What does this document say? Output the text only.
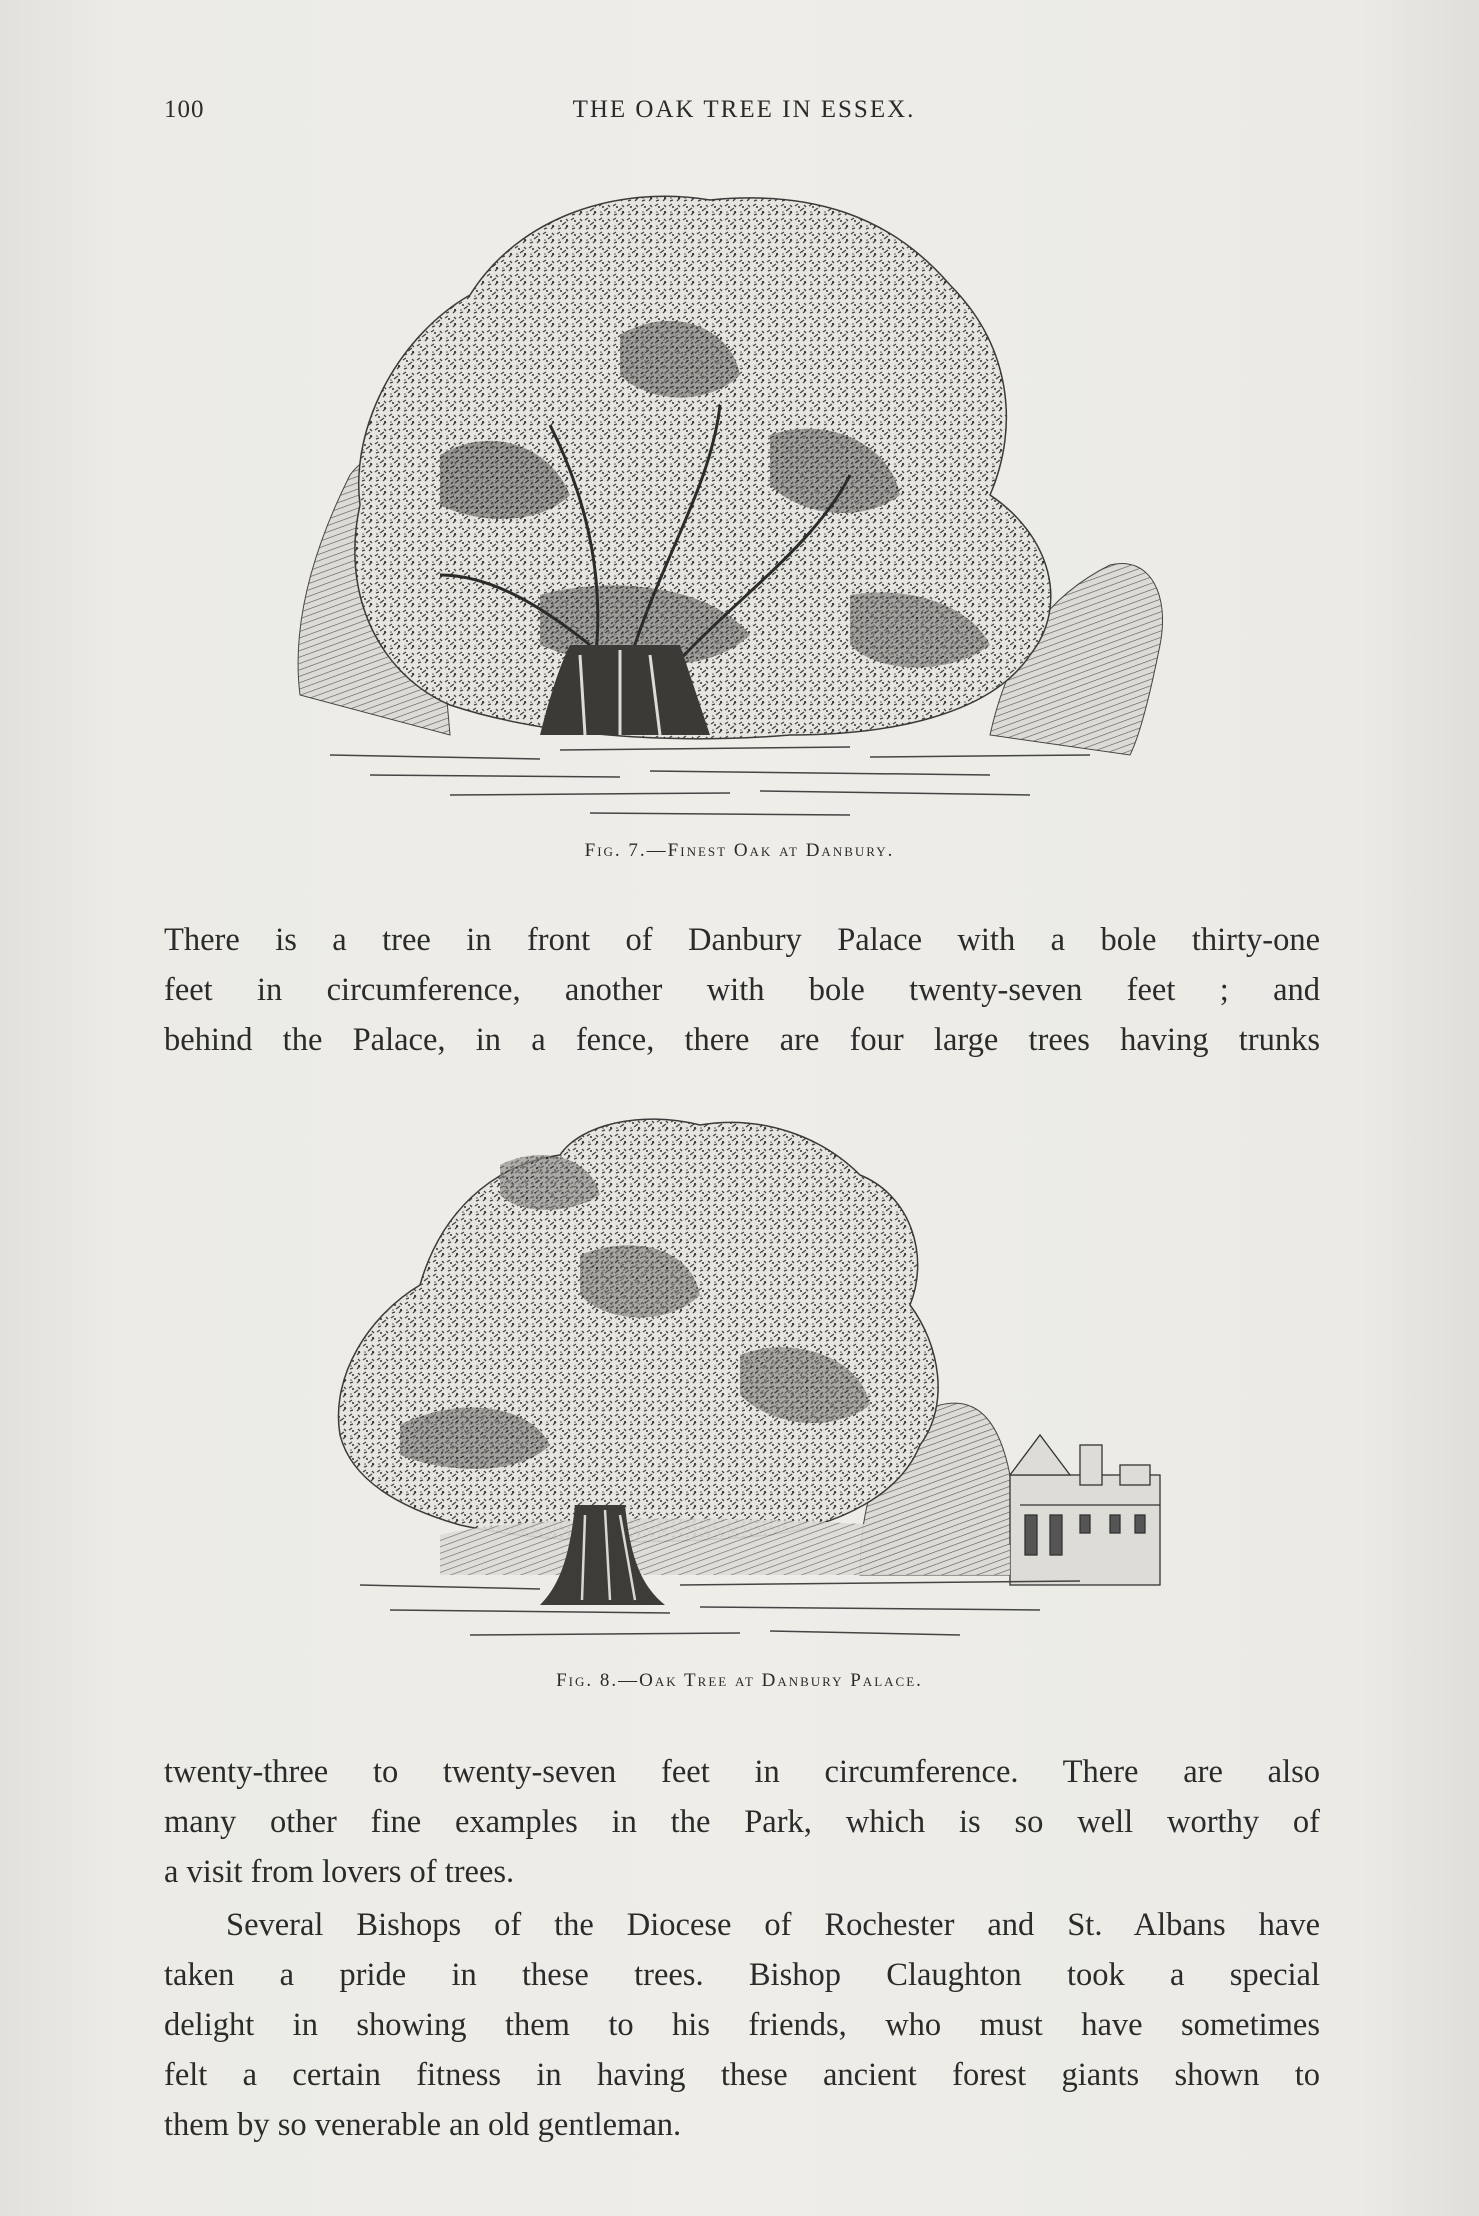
100	THE OAK TREE IN ESSEX.
Fig. 7.—Finest Oak at Danbury.
There is a tree in front of Danbury Palace with a bole thirty-one
feet in circumference, another with bole twenty-seven feet ; and
behind the Palace, in a fence, there are four large trees having trunks
Fig. 8.—Oak Tree at Danbury Palace.
twenty-three to twenty-seven feet in circumference. There are also
many other fine examples in the Park, which is so well worthy of
a visit from lovers of trees.
Several Bishops of the Diocese of Rochester and St. Albans have
taken a pride in these trees. Bishop Claughton took a special
delight in showing them to his friends, who must have sometimes
felt a certain fitness in having these ancient forest giants shown to
them by so venerable an old gentleman.
